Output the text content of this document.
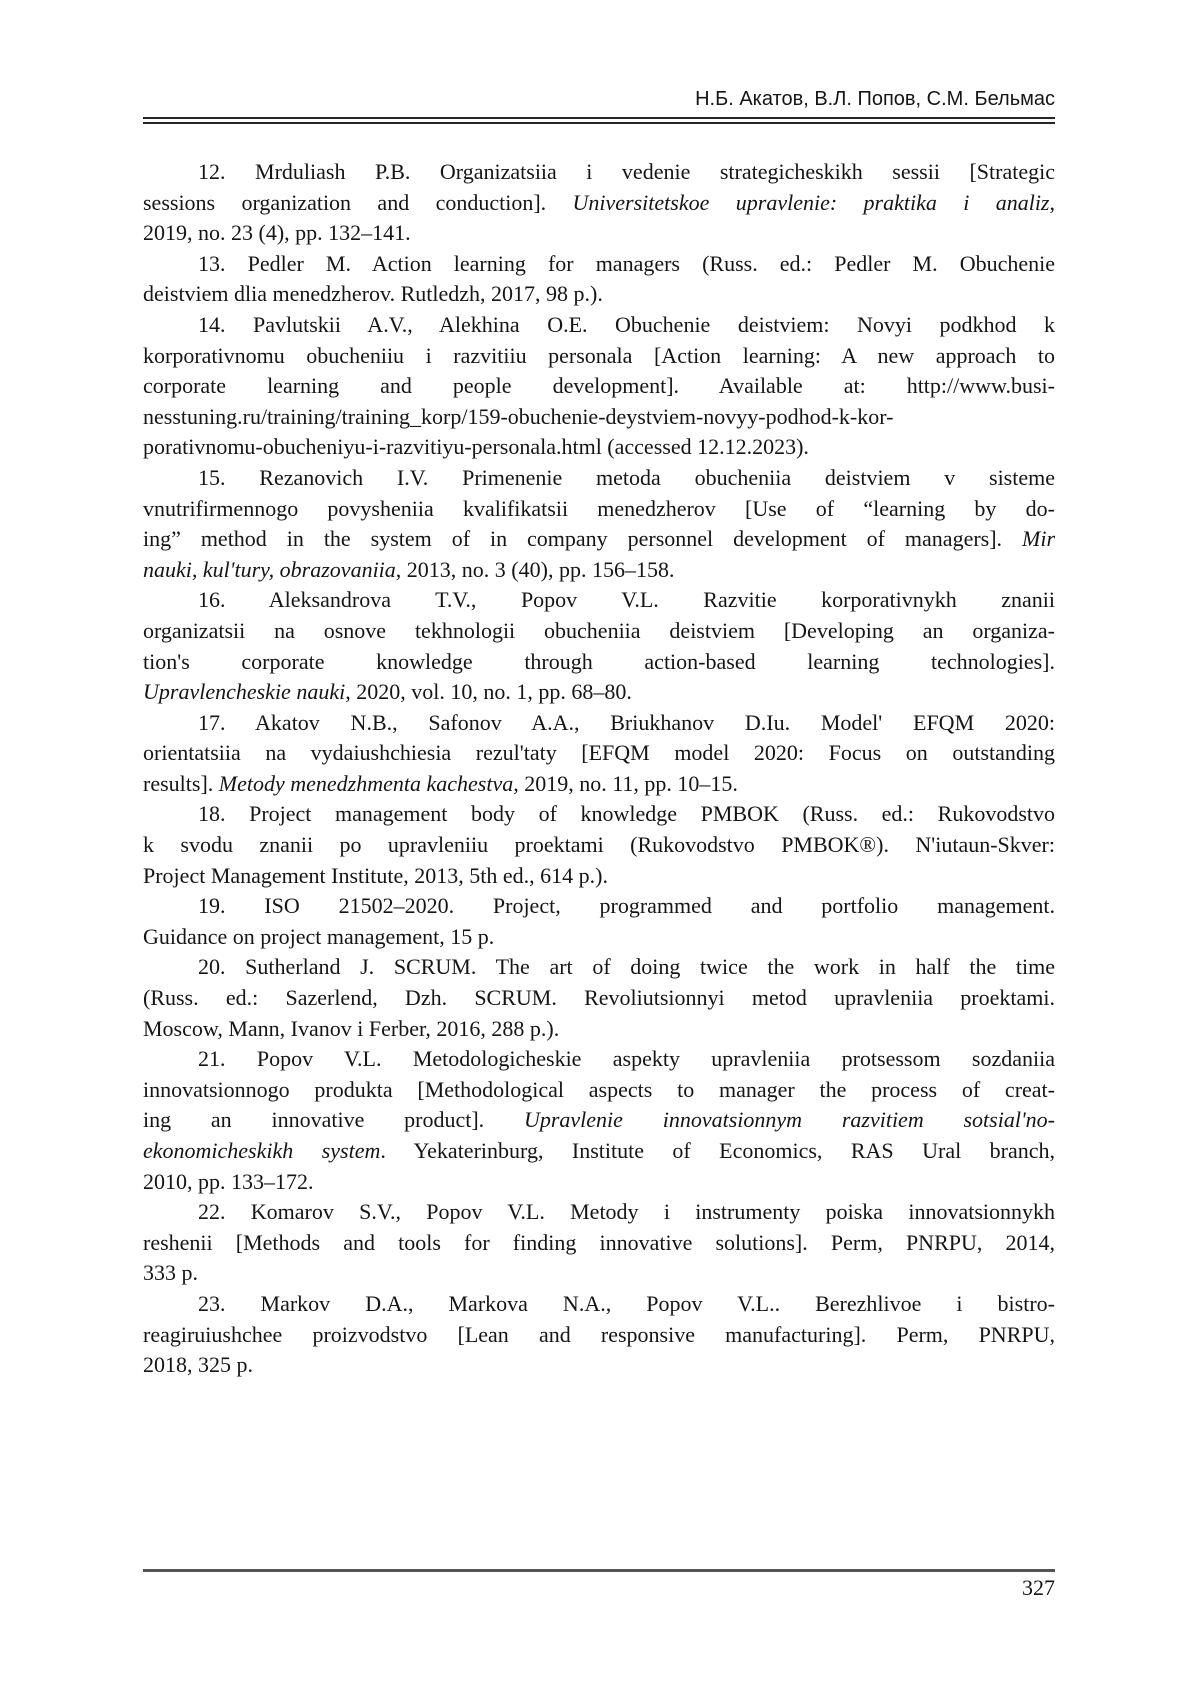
Н.Б. Акатов, В.Л. Попов, С.М. Бельмас
12. Mrduliash P.B. Organizatsiia i vedenie strategicheskikh sessii [Strategic
sessions organization and conduction]. Universitetskoe upravlenie: praktika i analiz,
2019, no. 23 (4), pp. 132–141.
13. Pedler M. Action learning for managers (Russ. ed.: Pedler M. Obuchenie
deistviem dlia menedzherov. Rutledzh, 2017, 98 p.).
14. Pavlutskii A.V., Alekhina O.E. Obuchenie deistviem: Novyi podkhod k
korporativnomu obucheniiu i razvitiiu personala [Action learning: A new approach to
corporate learning and people development]. Available at: http://www.busi-
nesstuning.ru/training/training_korp/159-obuchenie-deystviem-novyy-podhod-k-kor-
porativnomu-obucheniyu-i-razvitiyu-personala.html (accessed 12.12.2023).
15. Rezanovich I.V. Primenenie metoda obucheniia deistviem v sisteme
vnutrifirmennogo povysheniia kvalifikatsii menedzherov [Use of “learning by do-
ing” method in the system of in company personnel development of managers]. Mir
nauki, kul'tury, obrazovaniia, 2013, no. 3 (40), pp. 156–158.
16. Aleksandrova T.V., Popov V.L. Razvitie korporativnykh znanii
organizatsii na osnove tekhnologii obucheniia deistviem [Developing an organiza-
tion's corporate knowledge through action-based learning technologies].
Upravlencheskie nauki, 2020, vol. 10, no. 1, pp. 68–80.
17. Akatov N.B., Safonov A.A., Briukhanov D.Iu. Model' EFQM 2020:
orientatsiia na vydaiushchiesia rezul'taty [EFQM model 2020: Focus on outstanding
results]. Metody menedzhmenta kachestva, 2019, no. 11, pp. 10–15.
18. Project management body of knowledge PMBOK (Russ. ed.: Rukovodstvo
k svodu znanii po upravleniiu proektami (Rukovodstvo PMBOK®). N'iutaun-Skver:
Project Management Institute, 2013, 5th ed., 614 p.).
19. ISO 21502–2020. Project, programmed and portfolio management.
Guidance on project management, 15 p.
20. Sutherland J. SCRUM. The art of doing twice the work in half the time
(Russ. ed.: Sazerlend, Dzh. SCRUM. Revoliutsionnyi metod upravleniia proektami.
Moscow, Mann, Ivanov i Ferber, 2016, 288 p.).
21. Popov V.L. Metodologicheskie aspekty upravleniia protsessom sozdaniia
innovatsionnogo produkta [Methodological aspects to manager the process of creat-
ing an innovative product]. Upravlenie innovatsionnym razvitiem sotsial'no-
ekonomicheskikh system. Yekaterinburg, Institute of Economics, RAS Ural branch,
2010, pp. 133–172.
22. Komarov S.V., Popov V.L. Metody i instrumenty poiska innovatsionnykh
reshenii [Methods and tools for finding innovative solutions]. Perm, PNRPU, 2014,
333 p.
23. Markov D.A., Markova N.A., Popov V.L.. Berezhlivoe i bistro-
reagiruiushchee proizvodstvo [Lean and responsive manufacturing]. Perm, PNRPU,
2018, 325 p.
327
